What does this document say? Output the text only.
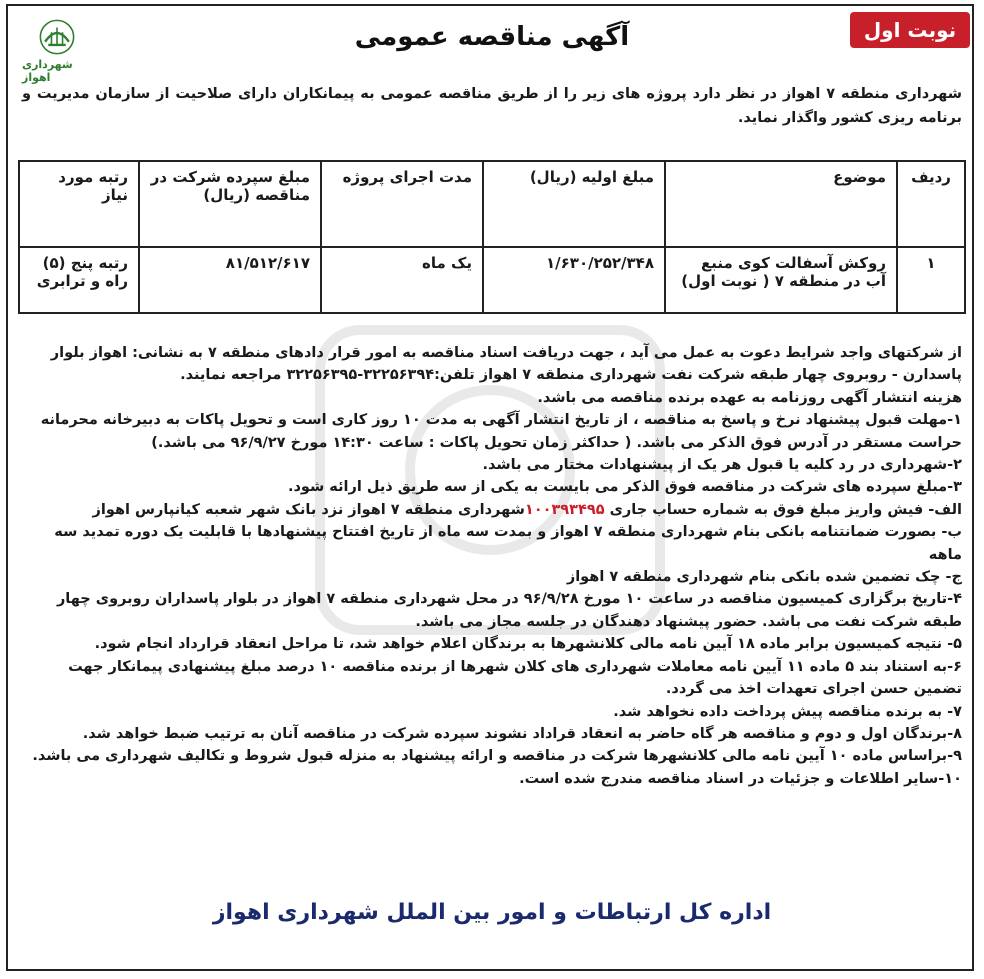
نوبت اول
شهرداری اهواز
آگهی مناقصه عمومی
شهرداری منطقه ۷ اهواز در نظر دارد پروژه های زیر را از طریق مناقصه عمومی به پیمانکاران دارای صلاحیت از سازمان مدیریت و برنامه ریزی کشور واگذار نماید.
ردیف	موضوع	مبلغ اولیه (ریال)	مدت اجرای پروژه	مبلغ سپرده شرکت در مناقصه (ریال)	رتبه مورد نیاز
۱	روکش آسفالت کوی منبع آب در منطقه ۷ ( نوبت اول)	۱/۶۳۰/۲۵۲/۳۴۸	یک ماه	۸۱/۵۱۲/۶۱۷	رتبه پنج (۵) راه و ترابری

از شرکتهای واجد شرایط دعوت به عمل می آید ، جهت دریافت اسناد مناقصه به امور قرار دادهای منطقه ۷ به نشانی: اهواز بلوار پاسدارن - روبروی چهار طبقه شرکت نفت شهرداری منطقه ۷ اهواز تلفن:۳۲۲۵۶۳۹۴-۳۲۲۵۶۳۹۵ مراجعه نمایند.

هزینه انتشار آگهی روزنامه به عهده برنده مناقصه می باشد.

۱-مهلت قبول پیشنهاد نرخ و پاسخ به مناقصه ، از تاریخ انتشار آگهی به مدت ۱۰ روز کاری است و تحویل پاکات به دبیرخانه محرمانه حراست مستقر در آدرس فوق الذکر می باشد. ( حداکثر زمان تحویل پاکات : ساعت ۱۴:۳۰ مورخ ۹۶/۹/۲۷ می باشد.)

۲-شهرداری در رد کلیه یا قبول هر یک از پیشنهادات مختار می باشد.

۳-مبلغ سپرده های شرکت در مناقصه فوق الذکر می بایست به یکی از سه طریق ذیل ارائه شود.

الف- فیش واریز مبلغ فوق به شماره حساب جاری ۱۰۰۳۹۳۴۹۵شهرداری منطقه ۷ اهواز نزد بانک شهر شعبه کیانپارس اهواز

ب- بصورت ضمانتنامه بانکی بنام شهرداری منطقه ۷ اهواز و بمدت سه ماه از تاریخ افتتاح پیشنهادها با قابلیت یک دوره تمدید سه ماهه

ج- چک تضمین شده بانکی بنام شهرداری منطقه ۷ اهواز

۴-تاریخ برگزاری کمیسیون مناقصه در ساعت ۱۰ مورخ ۹۶/۹/۲۸ در محل شهرداری منطقه ۷ اهواز در بلوار پاسداران روبروی چهار طبقه شرکت نفت می باشد. حضور پیشنهاد دهندگان در جلسه مجاز می باشد.

۵- نتیجه کمیسیون برابر ماده ۱۸ آیین نامه مالی کلانشهرها به برندگان اعلام خواهد شد، تا مراحل انعقاد قرارداد انجام شود.

۶-به استناد بند ۵ ماده ۱۱ آیین نامه معاملات شهرداری های کلان شهرها از برنده مناقصه ۱۰ درصد مبلغ پیشنهادی پیمانکار جهت تضمین حسن اجرای تعهدات اخذ می گردد.

۷- به برنده مناقصه پیش پرداخت داده نخواهد شد.

۸-برندگان اول و دوم و مناقصه هر گاه حاضر به انعقاد قراداد نشوند سپرده شرکت در مناقصه آنان به ترتیب ضبط خواهد شد.

۹-براساس ماده ۱۰ آیین نامه مالی کلانشهرها شرکت در مناقصه و ارائه پیشنهاد به منزله قبول شروط و تکالیف شهرداری می باشد.

۱۰-سایر اطلاعات و جزئیات در اسناد مناقصه مندرج شده است.

اداره کل ارتباطات و امور بین الملل شهرداری اهواز
